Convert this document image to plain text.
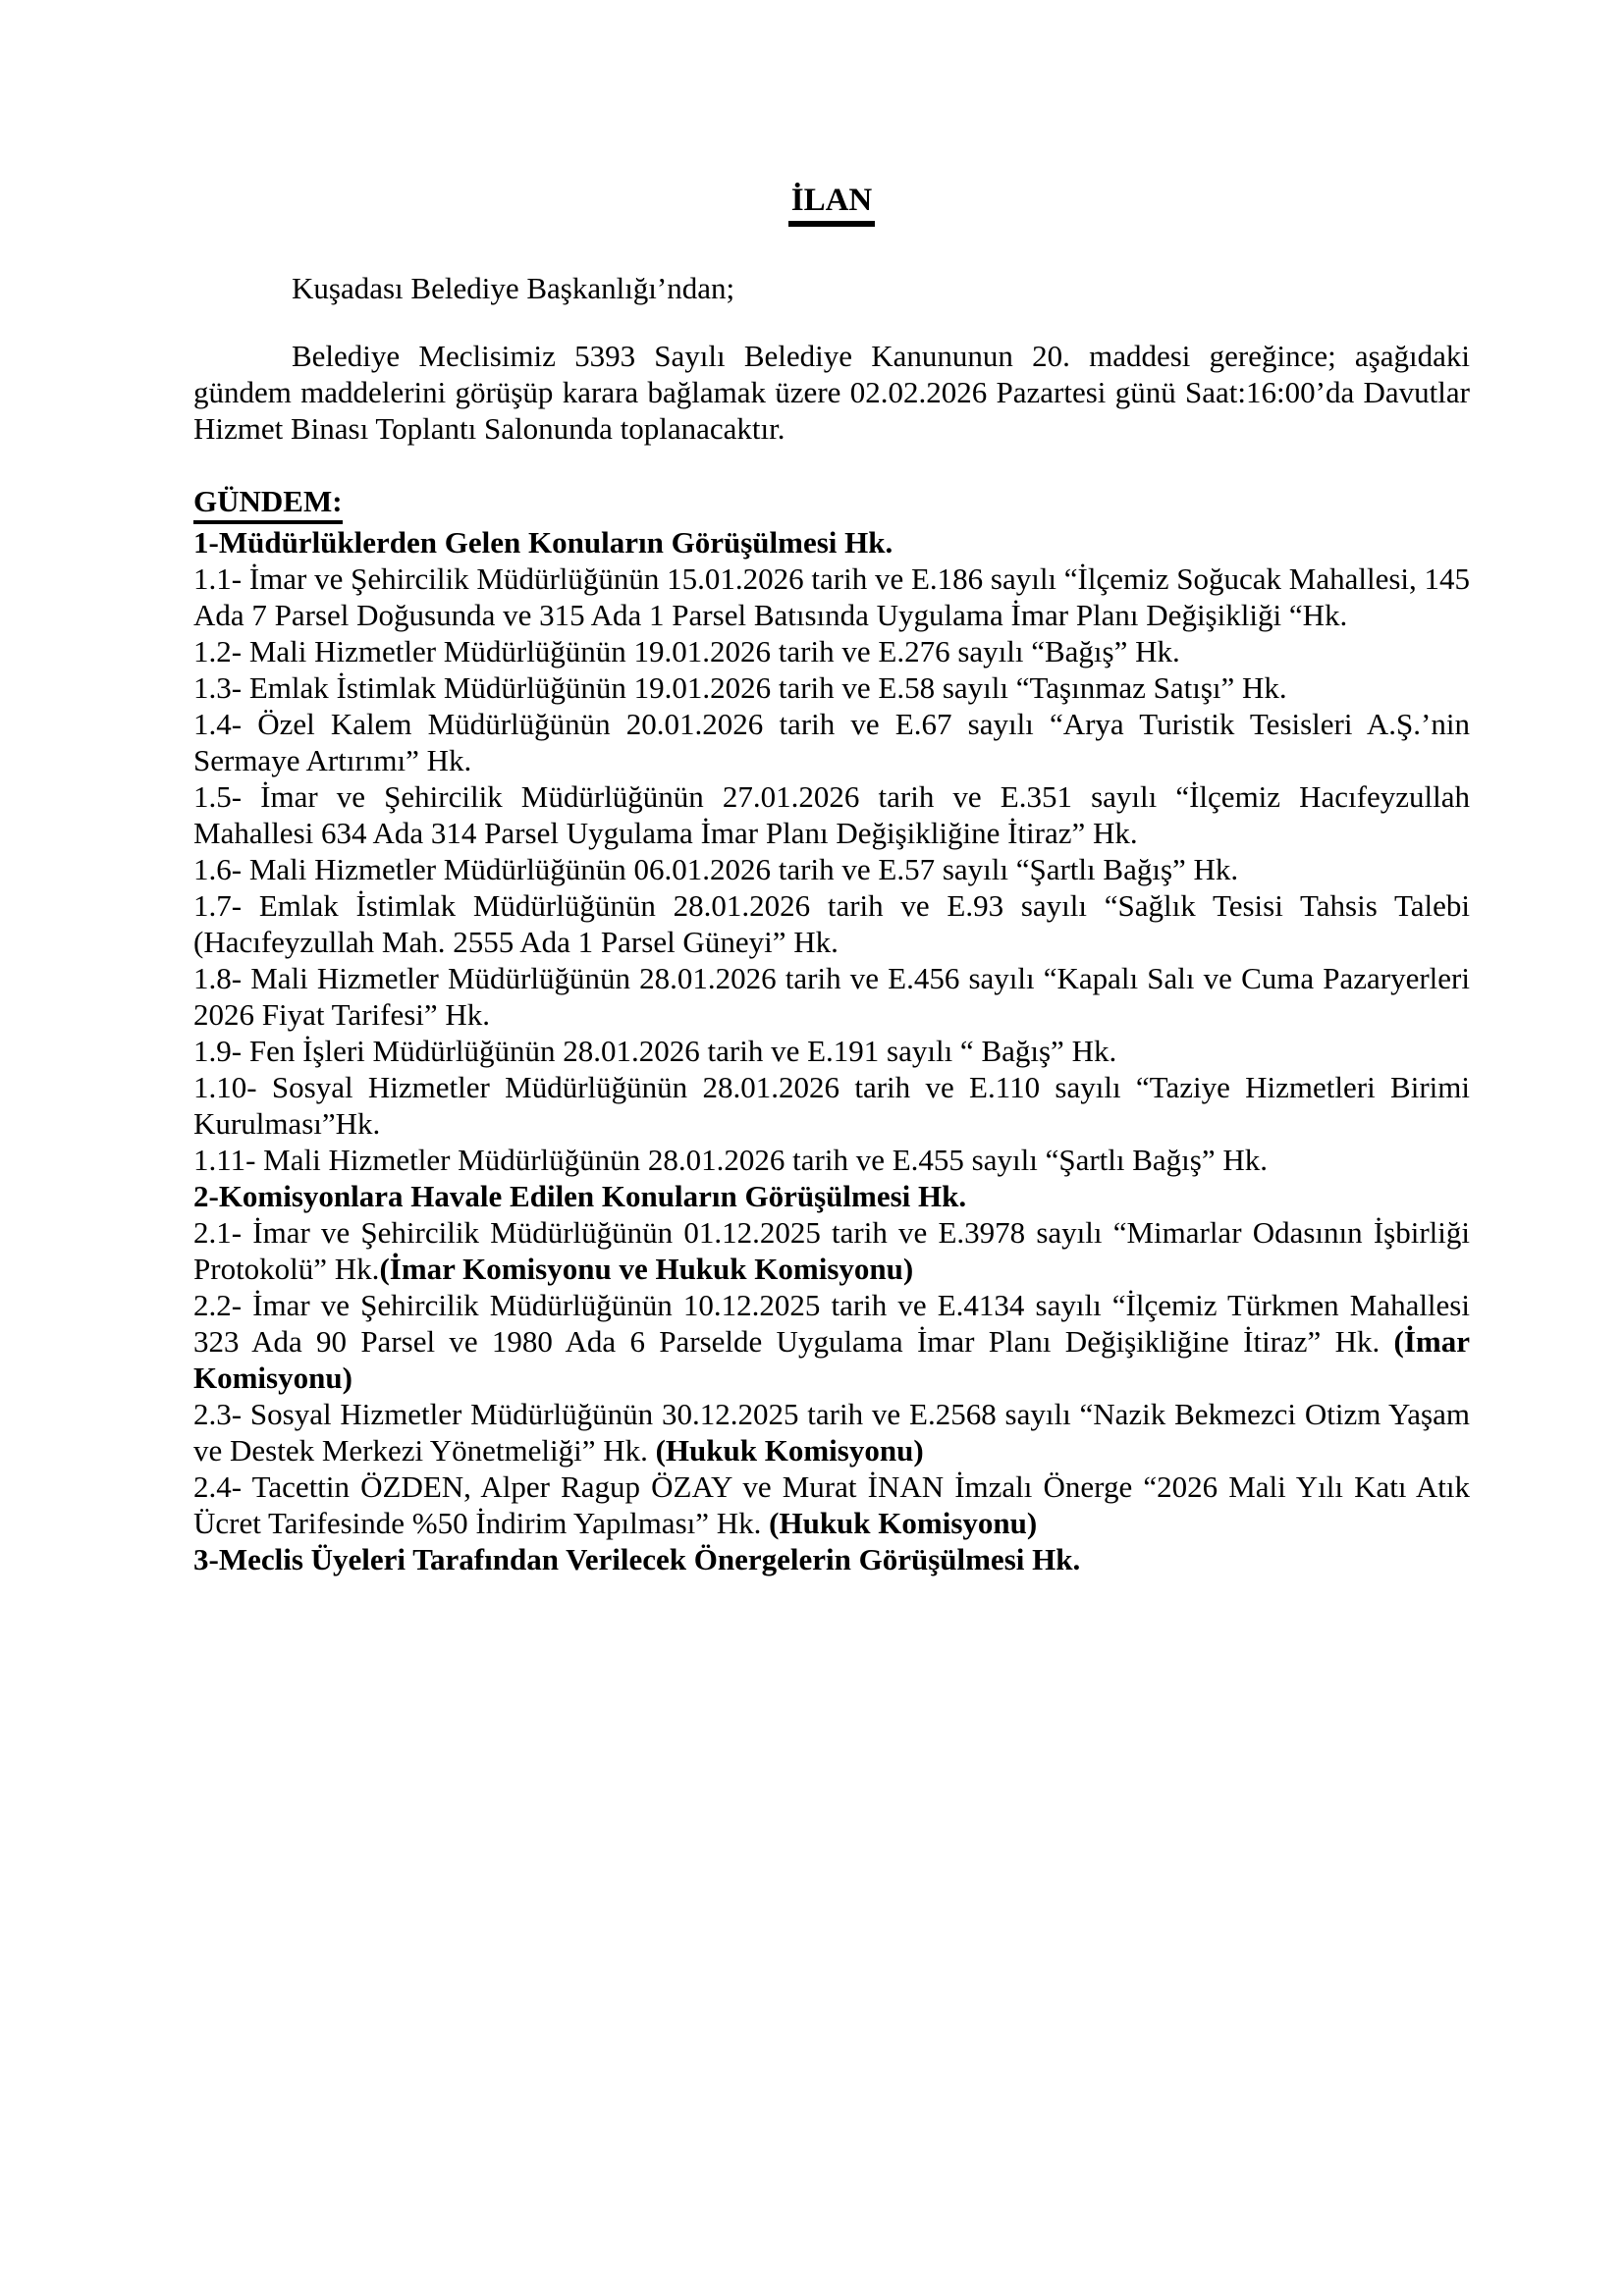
İLAN

Kuşadası Belediye Başkanlığı’ndan;

Belediye Meclisimiz 5393 Sayılı Belediye Kanununun 20. maddesi gereğince; aşağıdaki gündem maddelerini görüşüp karara bağlamak üzere 02.02.2026 Pazartesi günü Saat:16:00’da Davutlar Hizmet Binası Toplantı Salonunda toplanacaktır.

GÜNDEM:

1-Müdürlüklerden Gelen Konuların Görüşülmesi Hk.

1.1- İmar ve Şehircilik Müdürlüğünün 15.01.2026 tarih ve E.186 sayılı “İlçemiz Soğucak Mahallesi, 145 Ada 7 Parsel Doğusunda ve 315 Ada 1 Parsel Batısında Uygulama İmar Planı Değişikliği “Hk.

1.2- Mali Hizmetler Müdürlüğünün 19.01.2026 tarih ve E.276 sayılı “Bağış” Hk.

1.3- Emlak İstimlak Müdürlüğünün 19.01.2026 tarih ve E.58 sayılı “Taşınmaz Satışı” Hk.

1.4- Özel Kalem Müdürlüğünün 20.01.2026 tarih ve E.67 sayılı “Arya Turistik Tesisleri A.Ş.’nin Sermaye Artırımı” Hk.

1.5- İmar ve Şehircilik Müdürlüğünün 27.01.2026 tarih ve E.351 sayılı “İlçemiz Hacıfeyzullah Mahallesi 634 Ada 314 Parsel Uygulama İmar Planı Değişikliğine İtiraz” Hk.

1.6- Mali Hizmetler Müdürlüğünün 06.01.2026 tarih ve E.57 sayılı “Şartlı Bağış” Hk.

1.7- Emlak İstimlak Müdürlüğünün 28.01.2026 tarih ve E.93 sayılı “Sağlık Tesisi Tahsis Talebi (Hacıfeyzullah Mah. 2555 Ada 1 Parsel Güneyi” Hk.

1.8- Mali Hizmetler Müdürlüğünün 28.01.2026 tarih ve E.456 sayılı “Kapalı Salı ve Cuma Pazaryerleri 2026 Fiyat Tarifesi” Hk.

1.9- Fen İşleri Müdürlüğünün 28.01.2026 tarih ve E.191 sayılı “ Bağış” Hk.

1.10- Sosyal Hizmetler Müdürlüğünün 28.01.2026 tarih ve E.110 sayılı “Taziye Hizmetleri Birimi Kurulması”Hk.

1.11- Mali Hizmetler Müdürlüğünün 28.01.2026 tarih ve E.455 sayılı “Şartlı Bağış” Hk.

2-Komisyonlara Havale Edilen Konuların Görüşülmesi Hk.

2.1- İmar ve Şehircilik Müdürlüğünün 01.12.2025 tarih ve E.3978 sayılı “Mimarlar Odasının İşbirliği Protokolü” Hk.(İmar Komisyonu ve Hukuk Komisyonu)

2.2- İmar ve Şehircilik Müdürlüğünün 10.12.2025 tarih ve E.4134 sayılı “İlçemiz Türkmen Mahallesi 323 Ada 90 Parsel ve 1980 Ada 6 Parselde Uygulama İmar Planı Değişikliğine İtiraz” Hk. (İmar Komisyonu)

2.3- Sosyal Hizmetler Müdürlüğünün 30.12.2025 tarih ve E.2568 sayılı “Nazik Bekmezci Otizm Yaşam ve Destek Merkezi Yönetmeliği” Hk. (Hukuk Komisyonu)

2.4- Tacettin ÖZDEN, Alper Ragup ÖZAY ve Murat İNAN İmzalı Önerge “2026 Mali Yılı Katı Atık Ücret Tarifesinde %50 İndirim Yapılması” Hk. (Hukuk Komisyonu)

3-Meclis Üyeleri Tarafından Verilecek Önergelerin Görüşülmesi Hk.
